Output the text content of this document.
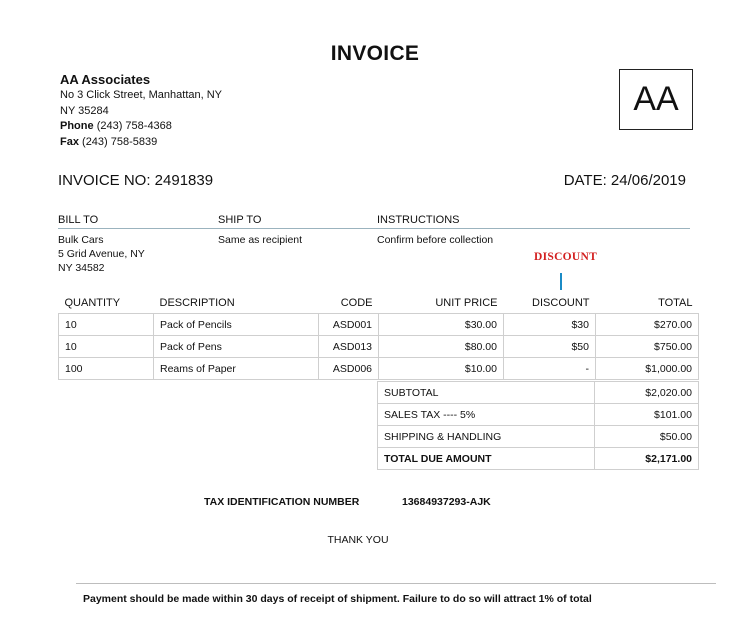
INVOICE
AA Associates
No 3 Click Street, Manhattan, NY
NY 35284
Phone (243) 758-4368
Fax (243) 758-5839
AA
INVOICE NO: 2491839	DATE: 24/06/2019
BILL TO	SHIP TO	INSTRUCTIONS
Bulk Cars
5 Grid Avenue, NY
NY 34582
Same as recipient	Confirm before collection
DISCOUNT
QUANTITY	DESCRIPTION	CODE	UNIT PRICE	DISCOUNT	TOTAL
10	Pack of Pencils	ASD001	$30.00	$30	$270.00
10	Pack of Pens	ASD013	$80.00	$50	$750.00
100	Reams of Paper	ASD006	$10.00	-	$1,000.00
SUBTOTAL	$2,020.00
SALES TAX ---- 5%	$101.00
SHIPPING & HANDLING	$50.00
TOTAL DUE AMOUNT	$2,171.00
TAX IDENTIFICATION NUMBER	13684937293-AJK
THANK YOU
Payment should be made within 30 days of receipt of shipment. Failure to do so will attract 1% of total
